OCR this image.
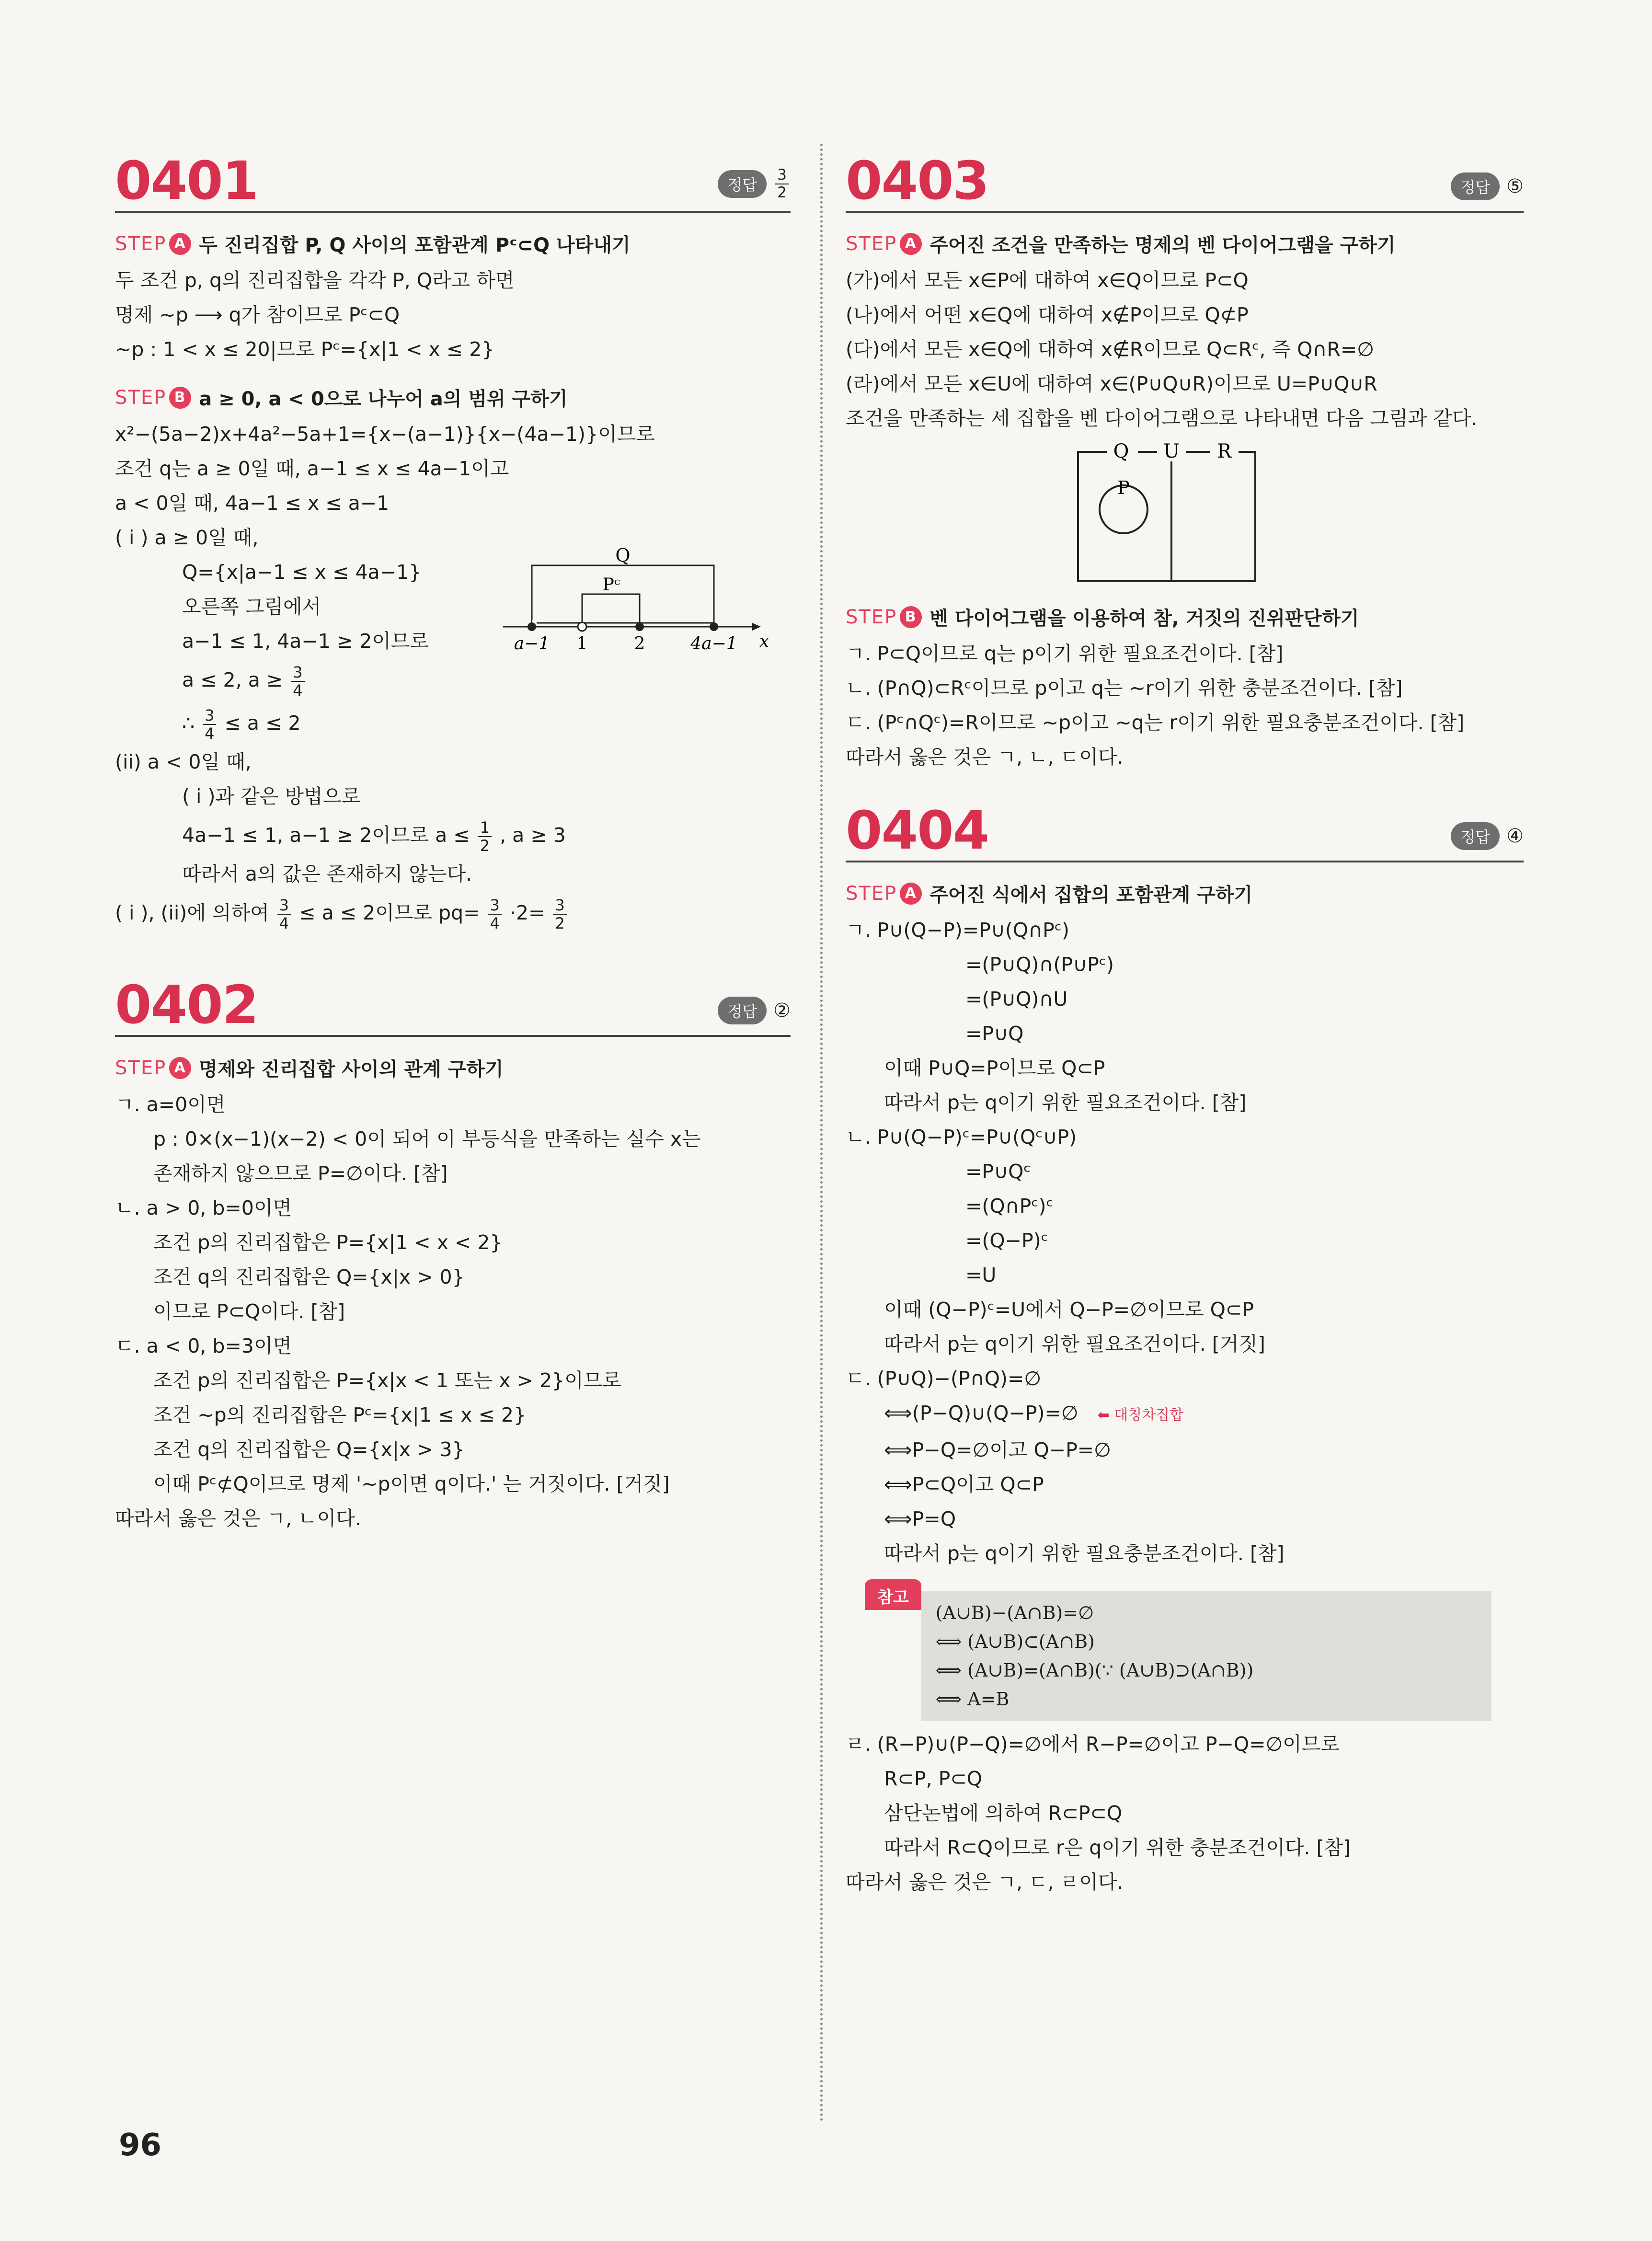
0401	정답	$\frac{3}{2}$
STEP A 두 진리집합 P, Q 사이의 포함관계 Pᶜ⊂Q 나타내기
두 조건 p, q의 진리집합을 각각 P, Q라고 하면
명제 ~p ⟶ q가 참이므로 Pᶜ⊂Q
~p : 1 < x ≤ 20|므로 Pᶜ={x|1 < x ≤ 2}
STEP B a ≥ 0, a < 0으로 나누어 a의 범위 구하기
x²−(5a−2)x+4a²−5a+1={x−(a−1)}{x−(4a−1)}이므로
조건 q는 a ≥ 0일 때, a−1 ≤ x ≤ 4a−1이고
a < 0일 때, 4a−1 ≤ x ≤ a−1
( i ) a ≥ 0일 때,
Q={x|a−1 ≤ x ≤ 4a−1}
오른쪽 그림에서
a−1 ≤ 1, 4a−1 ≥ 2이므로
a ≤ 2, $a \ge \frac{3}{4}$
∴ $\frac{3}{4} \le a \le 2$
(ii) a < 0일 때,
( i )과 같은 방법으로
4a−1 ≤ 1, a−1 ≥ 2이므로 $a \le \frac{1}{2}$ , a ≥ 3
따라서 a의 값은 존재하지 않는다.
( i ), (ii)에 의하여 $\frac{3}{4} \le a \le 2$이므로 $pq= \frac{3}{4} \cdot 2= \frac{3}{2}$
Q
Pᶜ
a−1 1	2	4a−1 x
0402	정답 ②
STEP A 명제와 진리집합 사이의 관계 구하기
ㄱ. a=0이면
p : 0×(x−1)(x−2) < 0이 되어 이 부등식을 만족하는 실수 x는
존재하지 않으므로 P=∅이다. [참]
ㄴ. a > 0, b=0이면
조건 p의 진리집합은 P={x|1 < x < 2}
조건 q의 진리집합은 Q={x|x > 0}
이므로 P⊂Q이다. [참]
ㄷ. a < 0, b=3이면
조건 p의 진리집합은 P={x|x < 1 또는 x > 2}이므로
조건 ~p의 진리집합은 Pᶜ={x|1 ≤ x ≤ 2}
조건 q의 진리집합은 Q={x|x > 3}
이때 Pᶜ⊄Q이므로 명제 '~p이면 q이다.' 는 거짓이다. [거짓]
따라서 옳은 것은 ㄱ, ㄴ이다.
0403	정답 ⑤
STEP A 주어진 조건을 만족하는 명제의 벤 다이어그램을 구하기
(가)에서 모든 x∈P에 대하여 x∈Q이므로 P⊂Q
(나)에서 어떤 x∈Q에 대하여 x∉P이므로 Q⊄P
(다)에서 모든 x∈Q에 대하여 x∉R이므로 Q⊂Rᶜ, 즉 Q∩R=∅
(라)에서 모든 x∈U에 대하여 x∈(P∪Q∪R)이므로 U=P∪Q∪R
조건을 만족하는 세 집합을 벤 다이어그램으로 나타내면 다음 그림과 같다.
Q U R
P
STEP B 벤 다이어그램을 이용하여 참, 거짓의 진위판단하기
ㄱ. P⊂Q이므로 q는 p이기 위한 필요조건이다. [참]
ㄴ. (P∩Q)⊂Rᶜ이므로 p이고 q는 ~r이기 위한 충분조건이다. [참]
ㄷ. (Pᶜ∩Qᶜ)=R이므로 ~p이고 ~q는 r이기 위한 필요충분조건이다. [참]
따라서 옳은 것은 ㄱ, ㄴ, ㄷ이다.
0404	정답 ④
STEP A 주어진 식에서 집합의 포함관계 구하기
ㄱ. P∪(Q−P)=P∪(Q∩Pᶜ)
=(P∪Q)∩(P∪Pᶜ)
=(P∪Q)∩U
=P∪Q
이때 P∪Q=P이므로 Q⊂P
따라서 p는 q이기 위한 필요조건이다. [참]
ㄴ. P∪(Q−P)ᶜ=P∪(Qᶜ∪P)
=P∪Qᶜ
=(Q∩Pᶜ)ᶜ
=(Q−P)ᶜ
=U
이때 (Q−P)ᶜ=U에서 Q−P=∅이므로 Q⊂P
따라서 p는 q이기 위한 필요조건이다. [거짓]
ㄷ. (P∪Q)−(P∩Q)=∅
⟺(P−Q)∪(Q−P)=∅ ⬅ 대칭차집합
⟺P−Q=∅이고 Q−P=∅
⟺P⊂Q이고 Q⊂P
⟺P=Q
따라서 p는 q이기 위한 필요충분조건이다. [참]
참고
(A∪B)−(A∩B)=∅
⟺ (A∪B)⊂(A∩B)
⟺ (A∪B)=(A∩B)(∵ (A∪B)⊃(A∩B))
⟺ A=B
ㄹ. (R−P)∪(P−Q)=∅에서 R−P=∅이고 P−Q=∅이므로
R⊂P, P⊂Q
삼단논법에 의하여 R⊂P⊂Q
따라서 R⊂Q이므로 r은 q이기 위한 충분조건이다. [참]
따라서 옳은 것은 ㄱ, ㄷ, ㄹ이다.
96
